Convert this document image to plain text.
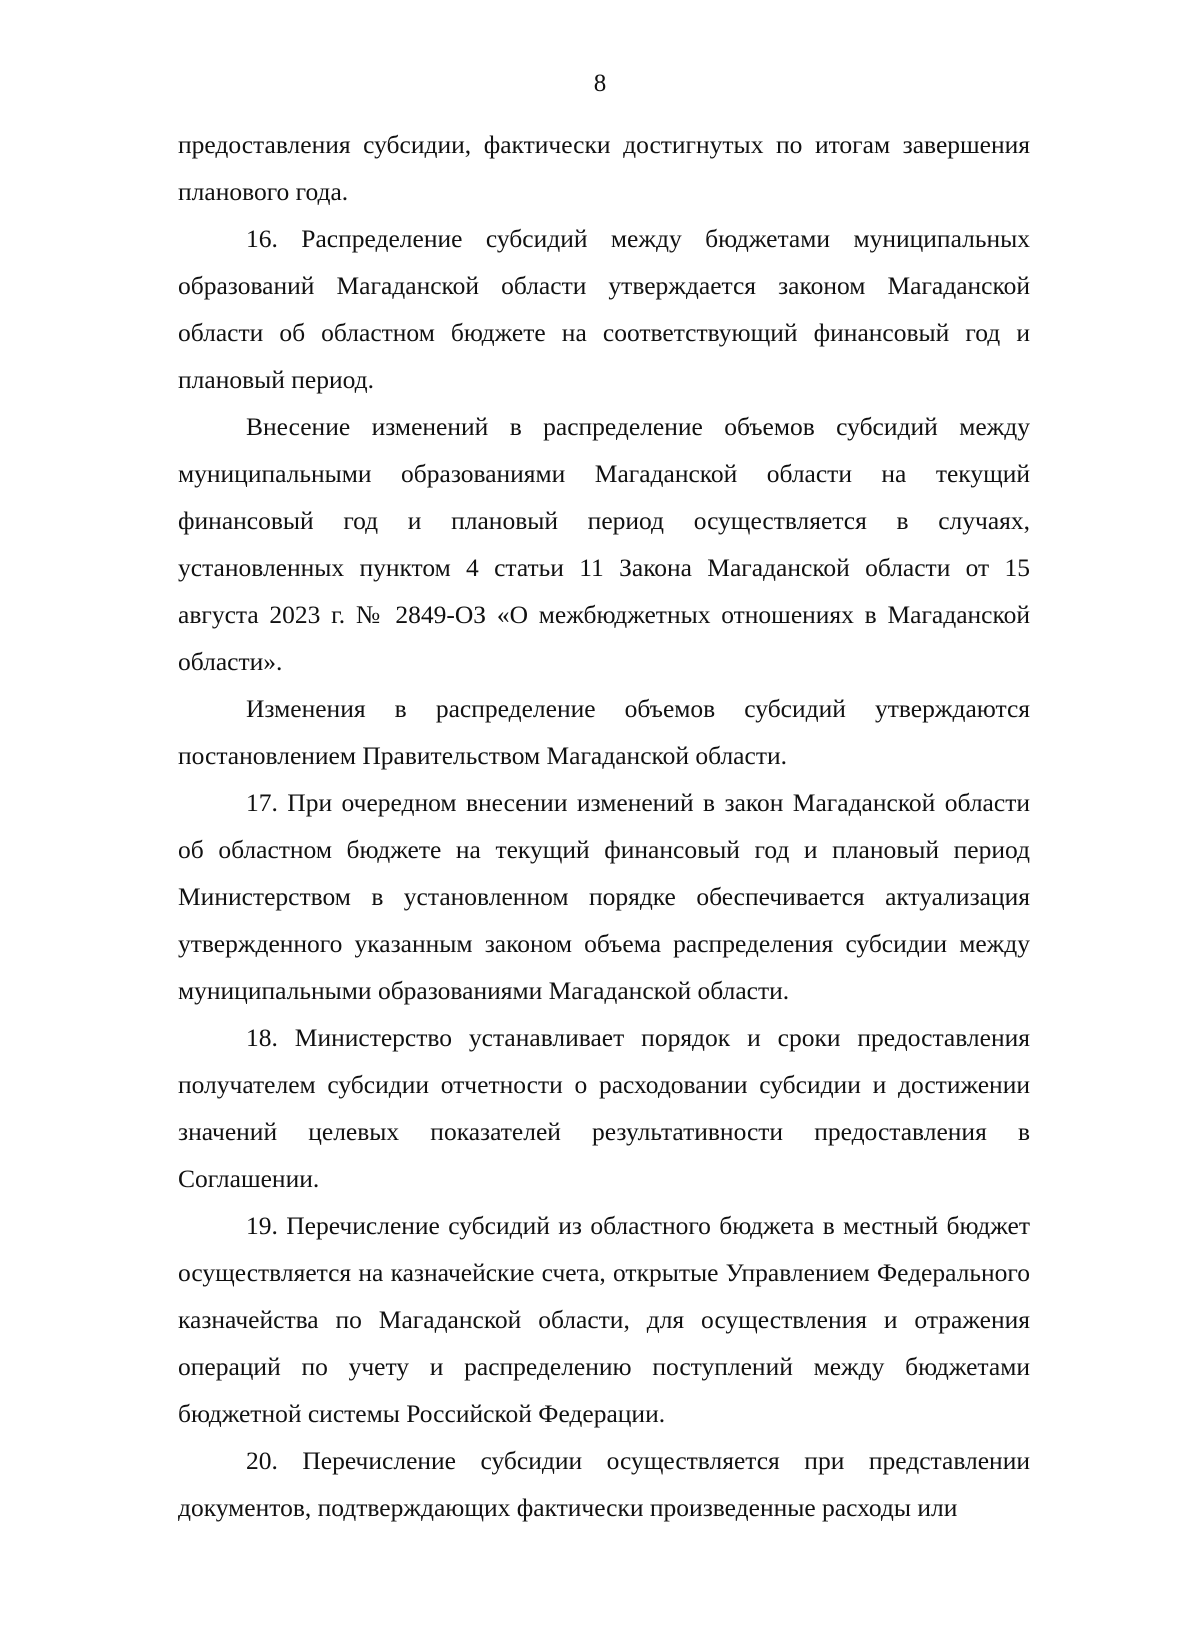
8

предоставления субсидии, фактически достигнутых по итогам завершения планового года.

16. Распределение субсидий между бюджетами муниципальных образований Магаданской области утверждается законом Магаданской области об областном бюджете на соответствующий финансовый год и плановый период.

Внесение изменений в распределение объемов субсидий между муниципальными образованиями Магаданской области на текущий финансовый год и плановый период осуществляется в случаях, установленных пунктом 4 статьи 11 Закона Магаданской области от 15 августа 2023 г. № 2849-ОЗ «О межбюджетных отношениях в Магаданской области».

Изменения в распределение объемов субсидий утверждаются постановлением Правительством Магаданской области.

17. При очередном внесении изменений в закон Магаданской области об областном бюджете на текущий финансовый год и плановый период Министерством в установленном порядке обеспечивается актуализация утвержденного указанным законом объема распределения субсидии между муниципальными образованиями Магаданской области.

18. Министерство устанавливает порядок и сроки предоставления получателем субсидии отчетности о расходовании субсидии и достижении значений целевых показателей результативности предоставления в Соглашении.

19. Перечисление субсидий из областного бюджета в местный бюджет осуществляется на казначейские счета, открытые Управлением Федерального казначейства по Магаданской области, для осуществления и отражения операций по учету и распределению поступлений между бюджетами бюджетной системы Российской Федерации.

20. Перечисление субсидии осуществляется при представлении документов, подтверждающих фактически произведенные расходы или
